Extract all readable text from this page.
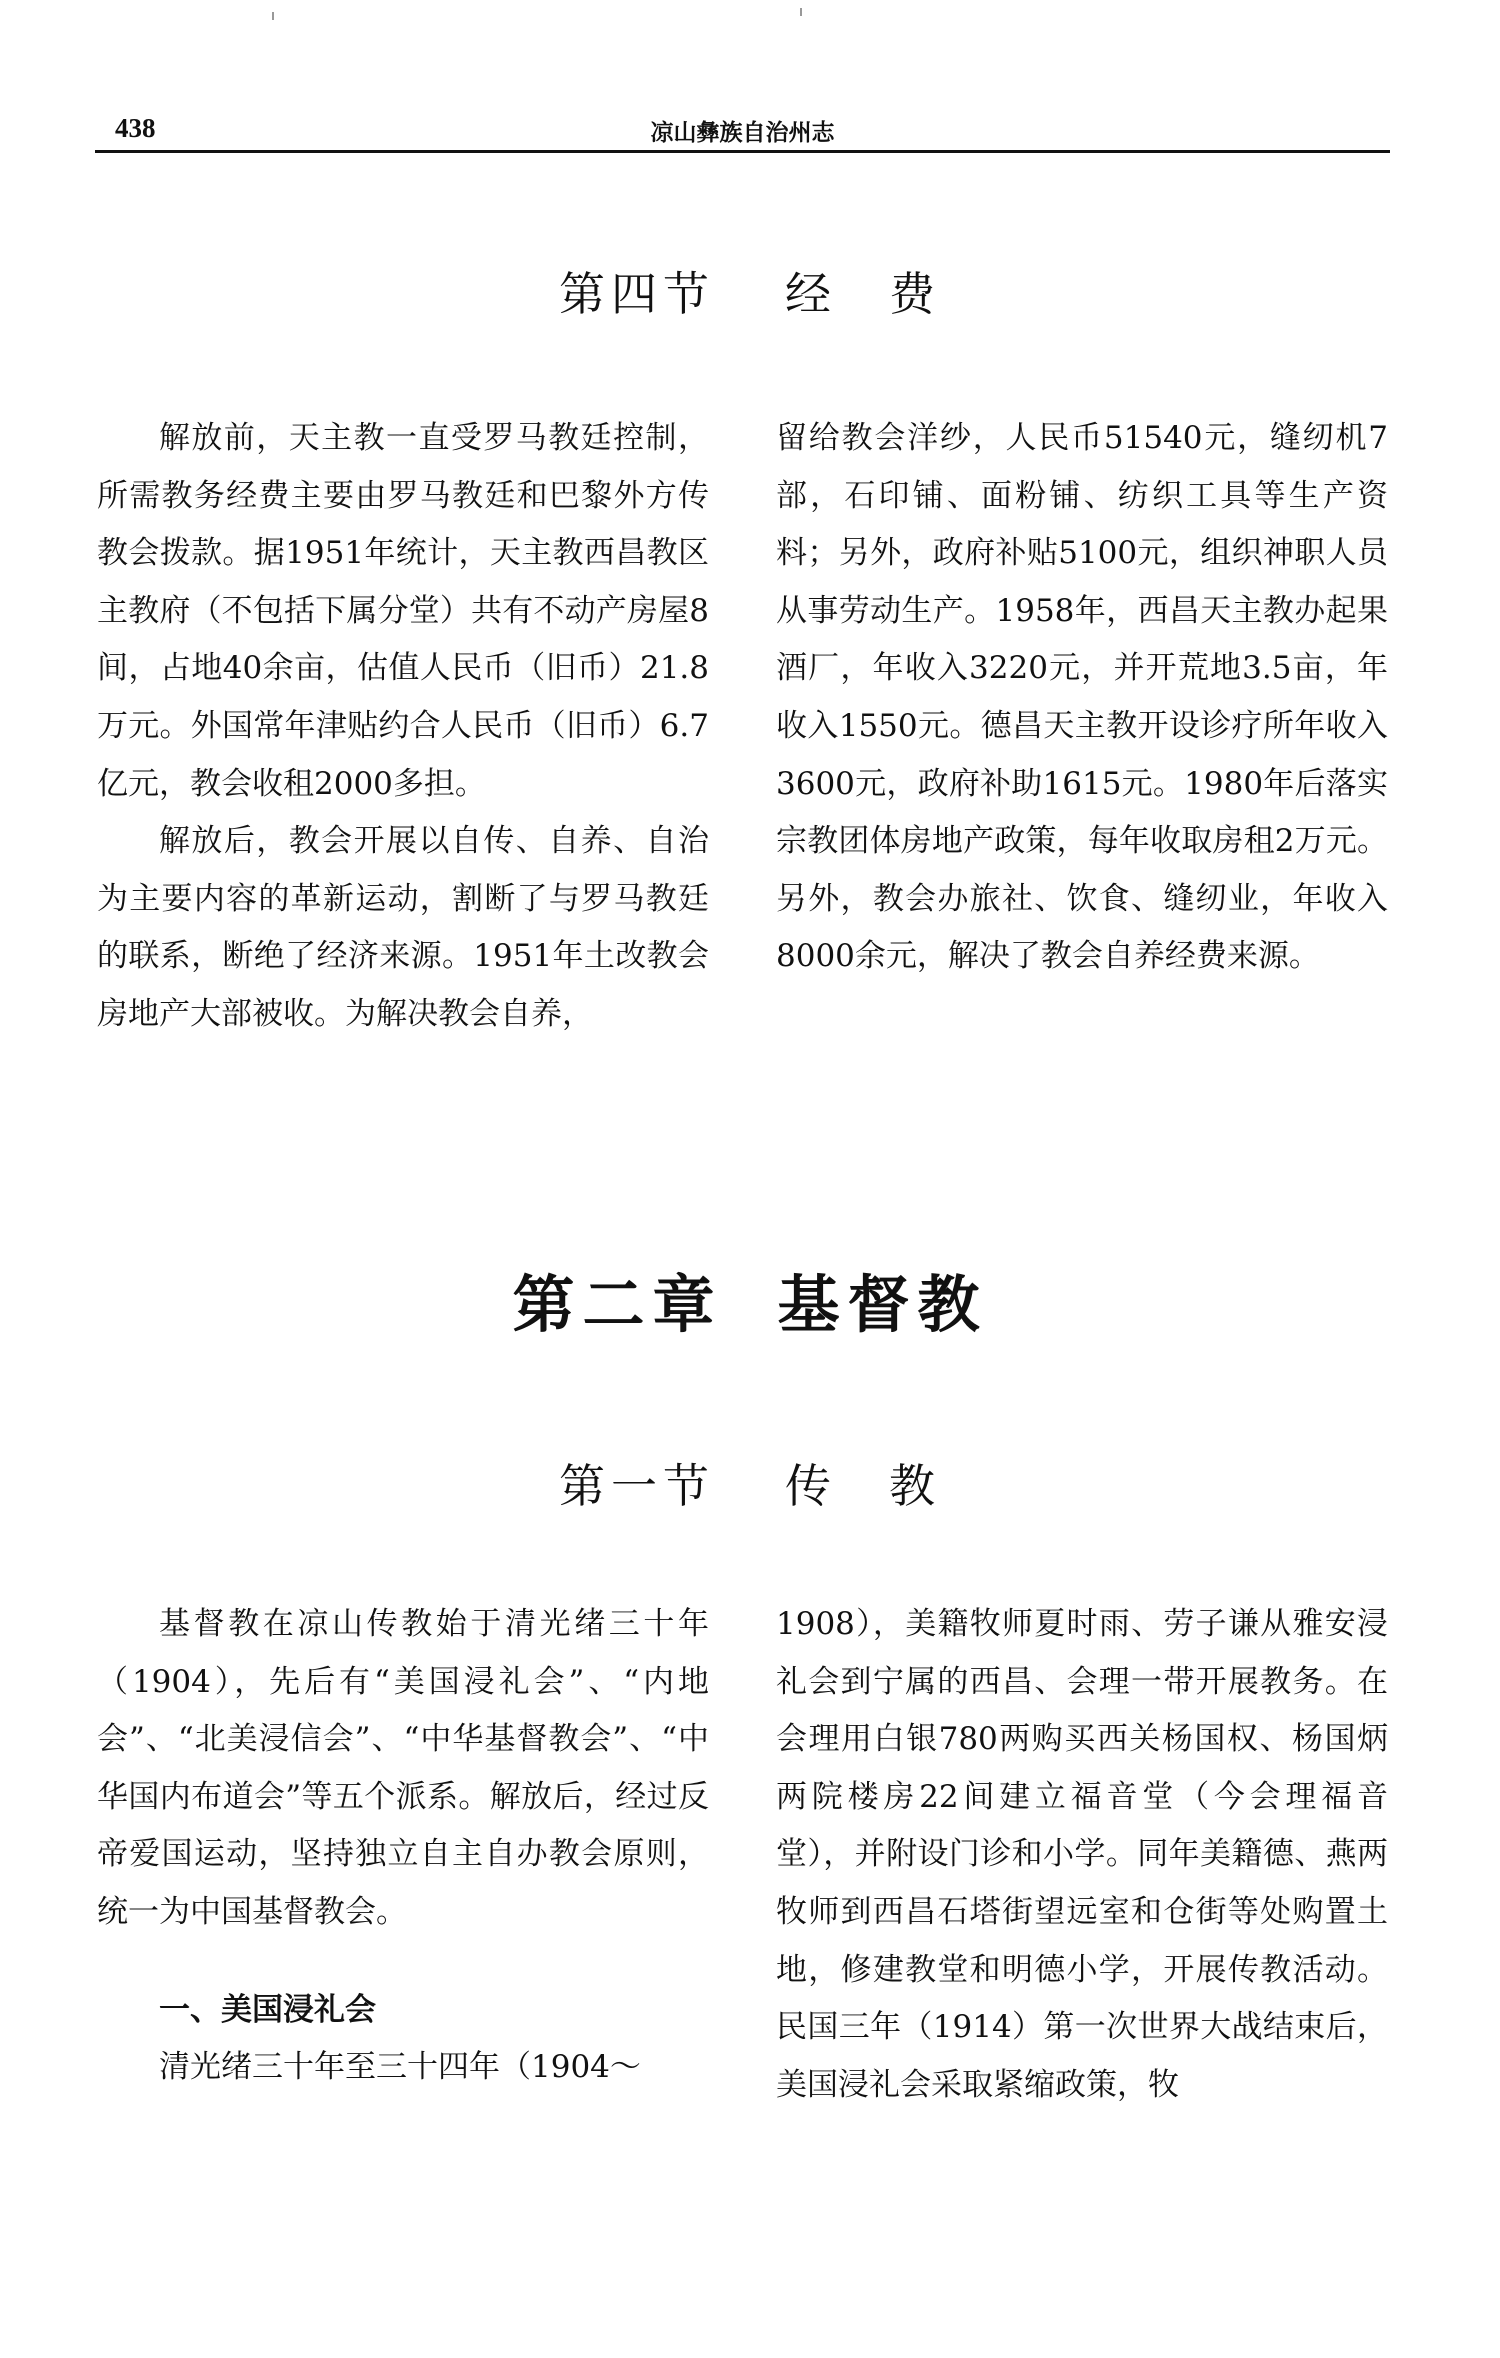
438	凉山彝族自治州志
第四节 经　费

解放前，天主教一直受罗马教廷控制，所需教务经费主要由罗马教廷和巴黎外方传教会拨款。据1951年统计，天主教西昌教区主教府（不包括下属分堂）共有不动产房屋8间，占地40余亩，估值人民币（旧币）21.8万元。外国常年津贴约合人民币（旧币）6.7亿元，教会收租2000多担。

解放后，教会开展以自传、自养、自治为主要内容的革新运动，割断了与罗马教廷的联系，断绝了经济来源。1951年土改教会房地产大部被收。为解决教会自养，

留给教会洋纱，人民币51540元，缝纫机7部，石印铺、面粉铺、纺织工具等生产资料；另外，政府补贴5100元，组织神职人员从事劳动生产。1958年，西昌天主教办起果酒厂，年收入3220元，并开荒地3.5亩，年收入1550元。德昌天主教开设诊疗所年收入3600元，政府补助1615元。1980年后落实宗教团体房地产政策，每年收取房租2万元。另外，教会办旅社、饮食、缝纫业，年收入8000余元，解决了教会自养经费来源。

第二章 基督教
第一节 传　教

基督教在凉山传教始于清光绪三十年（1904），先后有“美国浸礼会”、“内地会”、“北美浸信会”、“中华基督教会”、“中华国内布道会”等五个派系。解放后，经过反帝爱国运动，坚持独立自主自办教会原则，统一为中国基督教会。

一、美国浸礼会

清光绪三十年至三十四年（1904～

1908），美籍牧师夏时雨、劳子谦从雅安浸礼会到宁属的西昌、会理一带开展教务。在会理用白银780两购买西关杨国权、杨国炳两院楼房22间建立福音堂（今会理福音堂），并附设门诊和小学。同年美籍德、燕两牧师到西昌石塔街望远室和仓街等处购置土地，修建教堂和明德小学，开展传教活动。民国三年（1914）第一次世界大战结束后，美国浸礼会采取紧缩政策，牧
